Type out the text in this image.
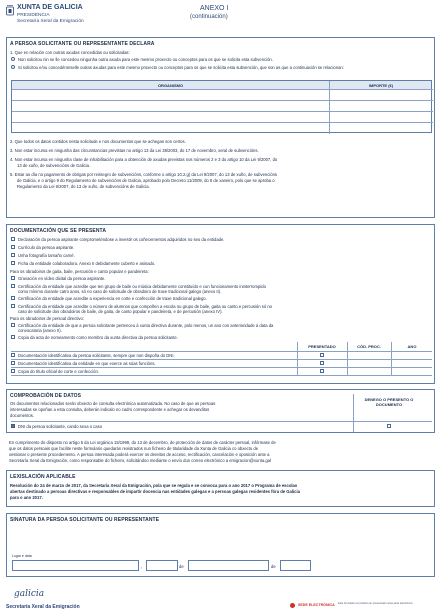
XUNTA DE GALICIA
PRESIDENCIA
Secretaría Xeral da Emigración
ANEXO I
(continuación)
A PERSOA SOLICITANTE OU REPRESENTANTE DECLARA
1. Que en relación con outras axudas concedidas ou solicitadas:
Non solicitou nin se lle concedeu ningunha outra axuda para este mesmo proxecto ou conceptos para os que se solicita esta subvención.
Si solicitou e/ou concedéronselle outras axudas para este mesmo proxecto ou conceptos para os que se solicita esta subvención, que son as que a continuación se relacionan:
ORGANISMO	IMPORTE (€)
2. Que todos os datos contidos nesta solicitude e nos documentos que se achegan son certos.
3. Non estar incursa en ningunha das circunstancias previstas no artigo 13 da Lei 38/2003, do 17 de novembro, xeral de subvencións.
4. Non estar incursa en ningunha clase de inhabilitación para a obtención de axudas previstas nos números 2 e 3 do artigo 10 da Lei 9/2007, do
13 de xuño, de subvencións de Galicia.
5. Estar ao día no pagamento de obrigas por reintegro de subvencións, conforme o artigo 10.2.g) da Lei 9/2007, do 13 de xuño, de subvencións
de Galicia, e o artigo 9 do Regulamento de subvencións de Galicia, aprobado polo Decreto 11/2009, do 8 de xaneiro, polo que se aproba o
Regulamento da Lei 9/2007, do 13 de xuño, de subvencións de Galicia.
DOCUMENTACIÓN QUE SE PRESENTA
Declaración da persoa aspirante comprometéndose a investir os coñecementos adquiridos no seo da entidade.
Currículo da persoa aspirante.
Unha fotografía tamaño carné.
Ficha da entidade colaboradora. Anexo II debidamente cuberto e asinado.
Para os obradoiros de gaita, baile, percusión e canto popular e pandeireta:
Gravación en vídeo dixital da persoa aspirante.
Certificación da entidade que acredite que ten grupo de baile ou música debidamente constituído e cun funcionamento ininterrompido
como mínimo durante catro anos, só no caso de solicitude de obradoiro de traxe tradicional galego (anexo II).
Certificación da entidade que acredite a experiencia en corte e confección de traxe tradicional galego.
Certificación da entidade que acredite o número de alumnos que compoñen a escola ou grupo de baile, gaita ou canto e percusión só no
caso de solicitude dos obradoiros de baile, de gaita, de canto popular e pandeireta, e de percusión (anexo IV).
Para os obradoiros de persoal directivo:
Certificación da entidade de que a persoa solicitante pertenceu á xunta directiva durante, polo menos, un ano con anterioridade á data da
convocatoria (anexo II).
Copia da acta de nomeamento como membro da xunta directiva da persoa solicitante.
PRESENTADO	CÓD. PROC.	ANO
Documentación identificativa da persoa solicitante, sempre que non dispoña do DNI.
Documentación identificativa da entidade en que exerce as súas funcións.
Copia do título oficial de corte e confección.
COMPROBACIÓN DE DATOS
Os documentos relacionados serán obxecto de consulta electrónica automatizada. No caso de que as persoas
interesadas se opoñan a esta consulta, deberán indicalo no cadro correspondente e achegar os devanditos
documentos.
DENEGO O PRESENTO O DOCUMENTO
DNI da persoa solicitante, cando sexa o caso
En cumprimento do disposto no artigo 5 da Lei orgánica 15/1999, do 13 de decembro, de protección de datos de carácter persoal, infórmase de
que os datos persoais que facilite neste formulario quedarán rexistrados nun ficheiro de titularidade da Xunta de Galicia co obxecto de
xestionar o presente procedemento. A persoa interesada poderá exercer os dereitos de acceso, rectificación, cancelación e oposición ante a
Secretaría Xeral da Emigración, como responsable do ficheiro, solicitándoo mediante o envío dun correo electrónico a emigracion@xunta.gal
LEXISLACIÓN APLICABLE
Resolución do 24 de marzo de 2017, da Secretaría Xeral da Emigración, pola que se regula e se convoca para o ano 2017 o Programa de escolas
abertas destinado a persoas directivas e responsables de impartir docencia nas entidades galegas e a persoas galegas residentes fóra de Galicia
para o ano 2017.
SINATURA DA PERSOA SOLICITANTE OU REPRESENTANTE
Lugar e data
,	de	de
galicia
Secretaría Xeral da Emigración	SEDE ELECTRÓNICA Este formulario só poderá ser presentado nesta sede electrónica
